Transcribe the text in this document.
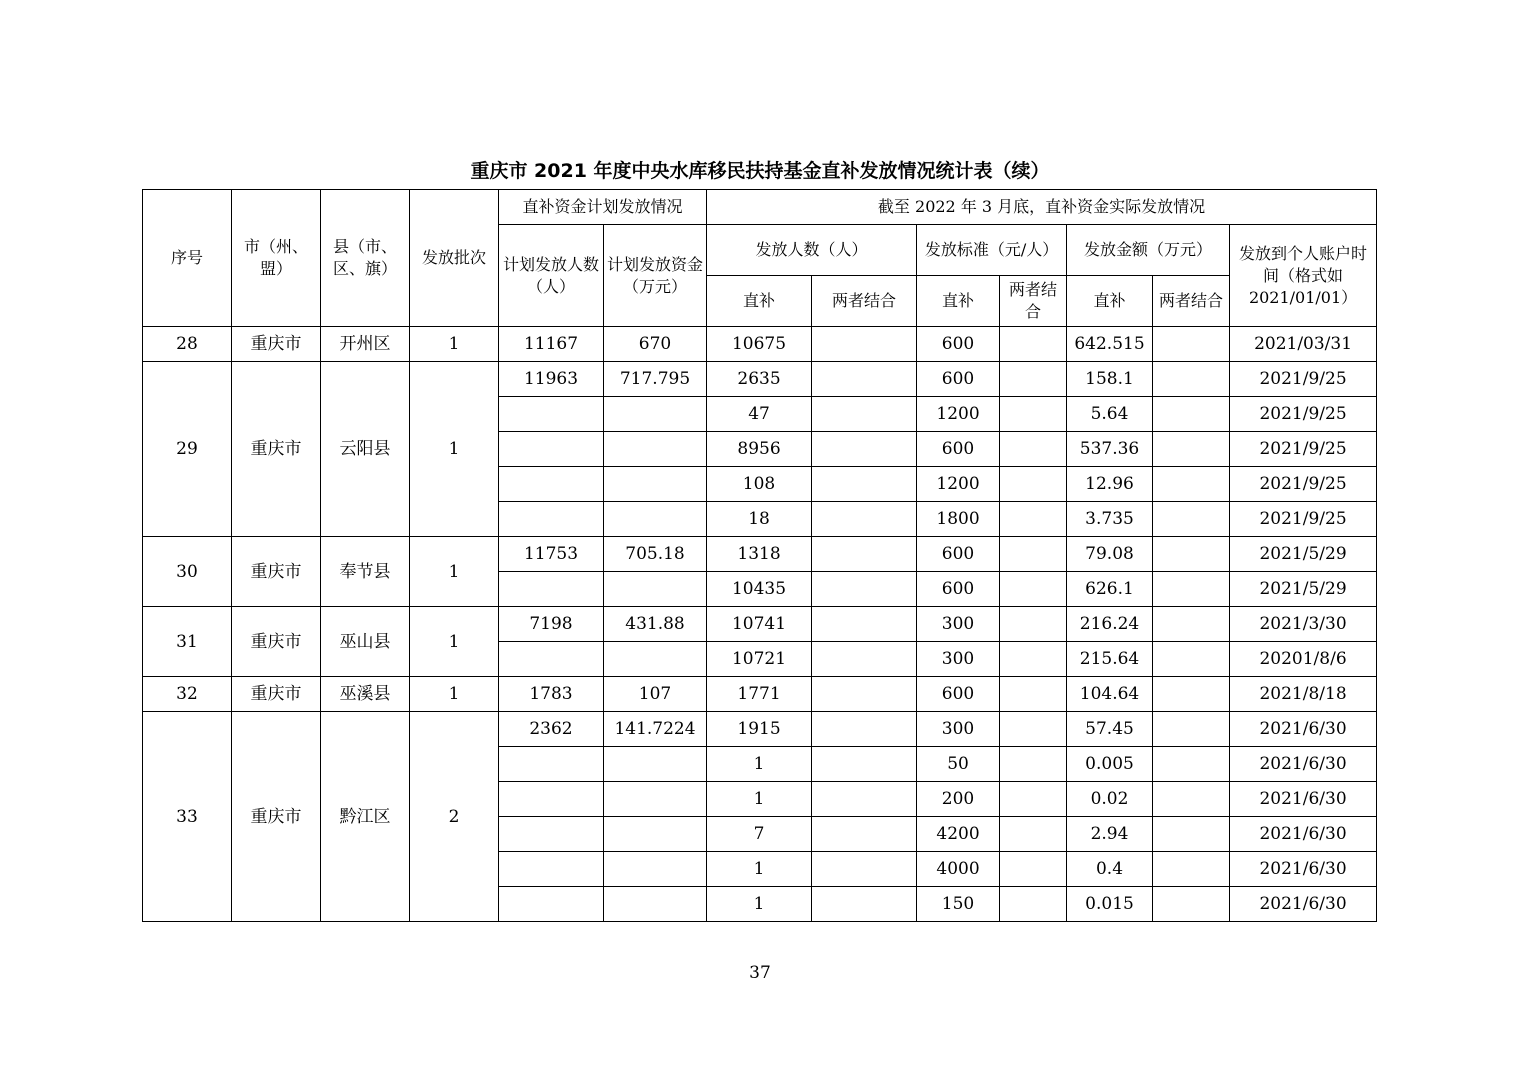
重庆市 2021 年度中央水库移民扶持基金直补发放情况统计表（续）
序号	市（州、盟）	县（市、区、旗）	发放批次	直补资金计划发放情况		截至 2022 年 3 月底，直补资金实际发放情况						
				计划发放人数（人）	计划发放资金（万元）	发放人数（人）		发放标准（元/人）		发放金额（万元）		发放到个人账户时间（格式如 2021/01/01）
						直补	两者结合	直补	两者结合	直补	两者结合	
28	重庆市	开州区	1	11167	670	10675		600		642.515		2021/03/31
29	重庆市	云阳县	1	11963	717.795	2635		600		158.1		2021/9/25
						47		1200		5.64		2021/9/25
						8956		600		537.36		2021/9/25
						108		1200		12.96		2021/9/25
						18		1800		3.735		2021/9/25
30	重庆市	奉节县	1	11753	705.18	1318		600		79.08		2021/5/29
						10435		600		626.1		2021/5/29
31	重庆市	巫山县	1	7198	431.88	10741		300		216.24		2021/3/30
						10721		300		215.64		20201/8/6
32	重庆市	巫溪县	1	1783	107	1771		600		104.64		2021/8/18
33	重庆市	黔江区	2	2362	141.7224	1915		300		57.45		2021/6/30
						1		50		0.005		2021/6/30
						1		200		0.02		2021/6/30
						7		4200		2.94		2021/6/30
						1		4000		0.4		2021/6/30
						1		150		0.015		2021/6/30
37
